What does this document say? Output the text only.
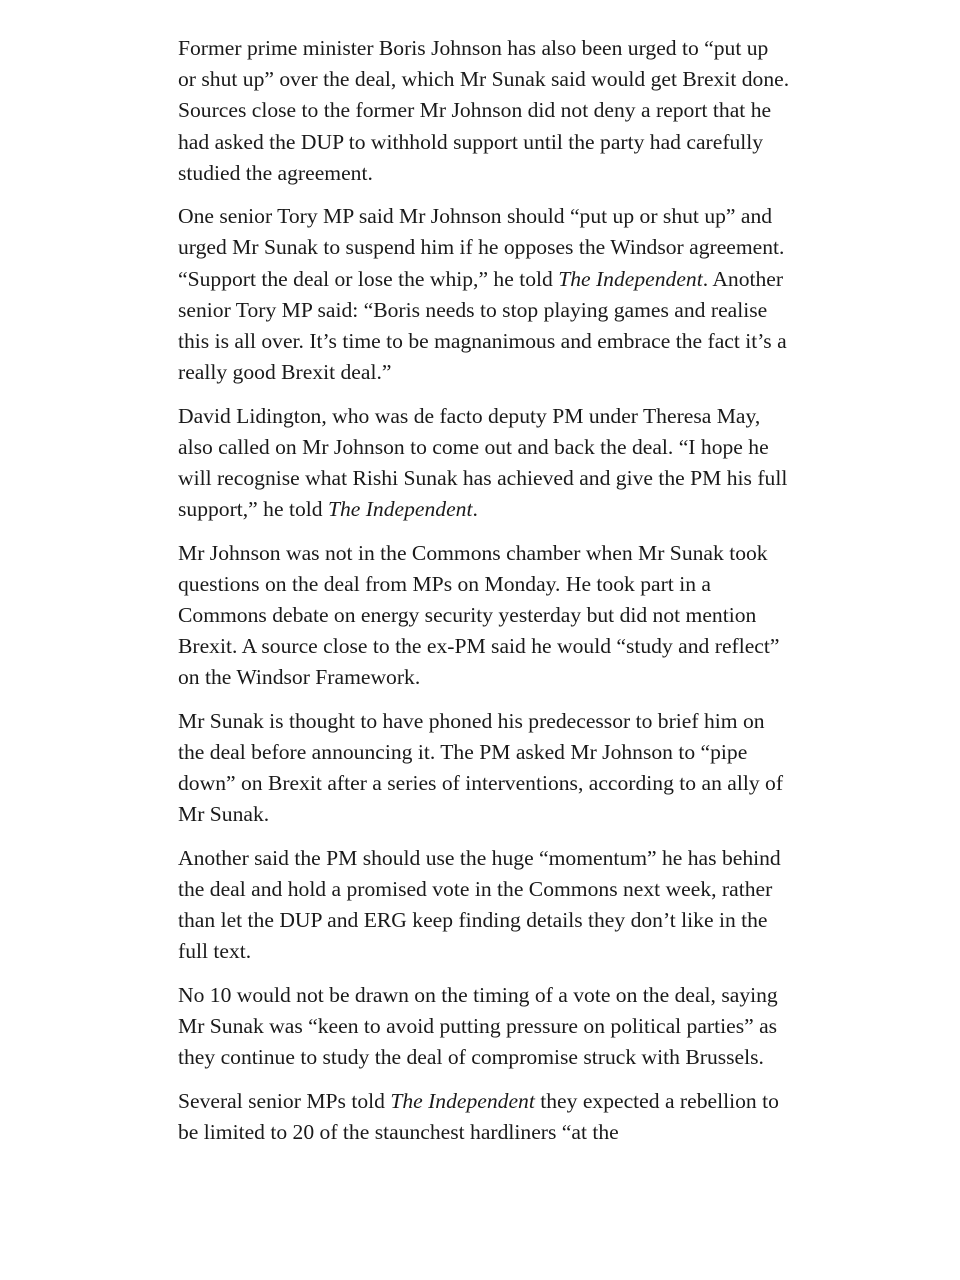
Former prime minister Boris Johnson has also been urged to “put up or shut up” over the deal, which Mr Sunak said would get Brexit done. Sources close to the former Mr Johnson did not deny a report that he had asked the DUP to withhold support until the party had carefully studied the agreement.

One senior Tory MP said Mr Johnson should “put up or shut up” and urged Mr Sunak to suspend him if he opposes the Windsor agreement. “Support the deal or lose the whip,” he told The Independent. Another senior Tory MP said: “Boris needs to stop playing games and realise this is all over. It’s time to be magnanimous and embrace the fact it’s a really good Brexit deal.”

David Lidington, who was de facto deputy PM under Theresa May, also called on Mr Johnson to come out and back the deal. “I hope he will recognise what Rishi Sunak has achieved and give the PM his full support,” he told The Independent.

Mr Johnson was not in the Commons chamber when Mr Sunak took questions on the deal from MPs on Monday. He took part in a Commons debate on energy security yesterday but did not mention Brexit. A source close to the ex-PM said he would “study and reflect” on the Windsor Framework.

Mr Sunak is thought to have phoned his predecessor to brief him on the deal before announcing it. The PM asked Mr Johnson to “pipe down” on Brexit after a series of interventions, according to an ally of Mr Sunak.

Another said the PM should use the huge “momentum” he has behind the deal and hold a promised vote in the Commons next week, rather than let the DUP and ERG keep finding details they don’t like in the full text.

No 10 would not be drawn on the timing of a vote on the deal, saying Mr Sunak was “keen to avoid putting pressure on political parties” as they continue to study the deal of compromise struck with Brussels.

Several senior MPs told The Independent they expected a rebellion to be limited to 20 of the staunchest hardliners “at the
